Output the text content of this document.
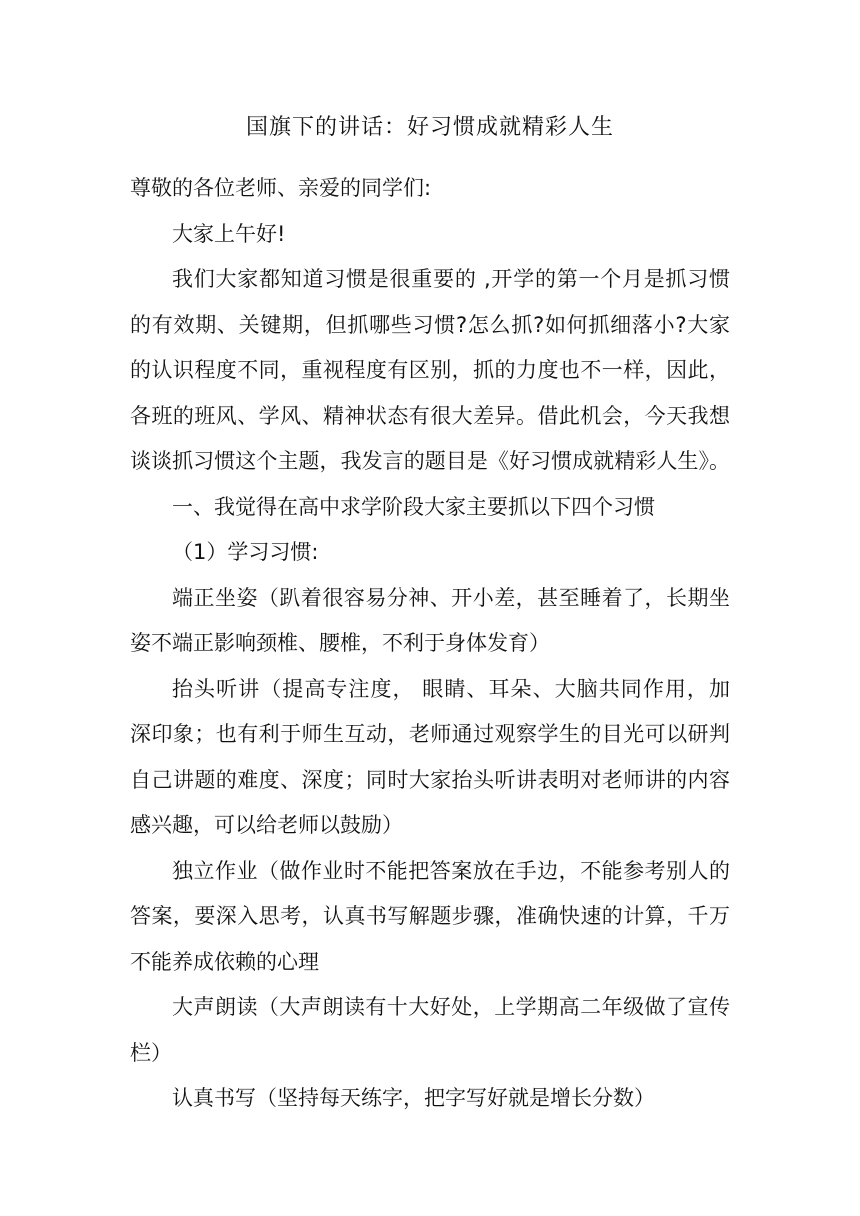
国旗下的讲话：好习惯成就精彩人生
尊敬的各位老师、亲爱的同学们:
大家上午好!
我们大家都知道习惯是很重要的 ,开学的第一个月是抓习惯
的有效期、关键期，但抓哪些习惯?怎么抓?如何抓细落小?大家
的认识程度不同，重视程度有区别，抓的力度也不一样，因此，
各班的班风、学风、精神状态有很大差异。借此机会，今天我想
谈谈抓习惯这个主题，我发言的题目是《好习惯成就精彩人生》。
一、我觉得在高中求学阶段大家主要抓以下四个习惯
（1）学习习惯:
端正坐姿（趴着很容易分神、开小差，甚至睡着了，长期坐
姿不端正影响颈椎、腰椎，不利于身体发育）
抬头听讲（提高专注度， 眼睛、耳朵、大脑共同作用，加
深印象；也有利于师生互动，老师通过观察学生的目光可以研判
自己讲题的难度、深度；同时大家抬头听讲表明对老师讲的内容
感兴趣，可以给老师以鼓励）
独立作业（做作业时不能把答案放在手边，不能参考别人的
答案，要深入思考，认真书写解题步骤，准确快速的计算，千万
不能养成依赖的心理
大声朗读（大声朗读有十大好处，上学期高二年级做了宣传
栏）
认真书写（坚持每天练字，把字写好就是增长分数）
